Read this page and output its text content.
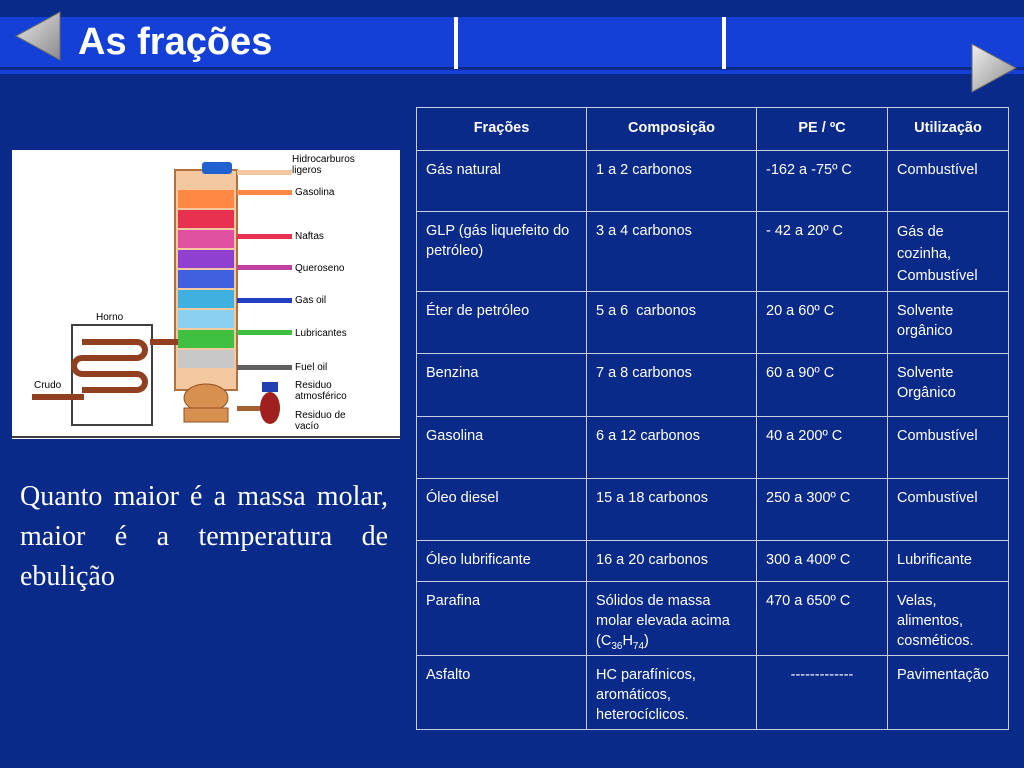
As frações
Hidrocarburos
ligeros
Gasolina
Naftas
Queroseno
Gas oil
Lubricantes
Fuel oil
Residuo
atmosférico
Residuo de
vacío
Horno
Crudo
Quanto maior é a massa molar, maior é a temperatura de ebulição
Frações	Composição	PE / ºC	Utilização
Gás natural	1 a 2 carbonos	-162 a -75º C	Combustível
GLP (gás liquefeito do petróleo)	3 a 4 carbonos	- 42 a 20º C	Gás de cozinha, Combustível
Éter de petróleo	5 a 6  carbonos	20 a 60º C	Solvente orgânico
Benzina	7 a 8 carbonos	60 a 90º C	Solvente Orgânico
Gasolina	6 a 12 carbonos	40 a 200º C	Combustível
Óleo diesel	15 a 18 carbonos	250 a 300º C	Combustível
Óleo lubrificante	16 a 20 carbonos	300 a 400º C	Lubrificante
Parafina	Sólidos de massa molar elevada acima $(C_{36}H_{74})$	470 a 650º C	Velas, alimentos, cosméticos.
Asfalto	HC parafínicos, aromáticos, heterocíclicos.	-------------	Pavimentação
